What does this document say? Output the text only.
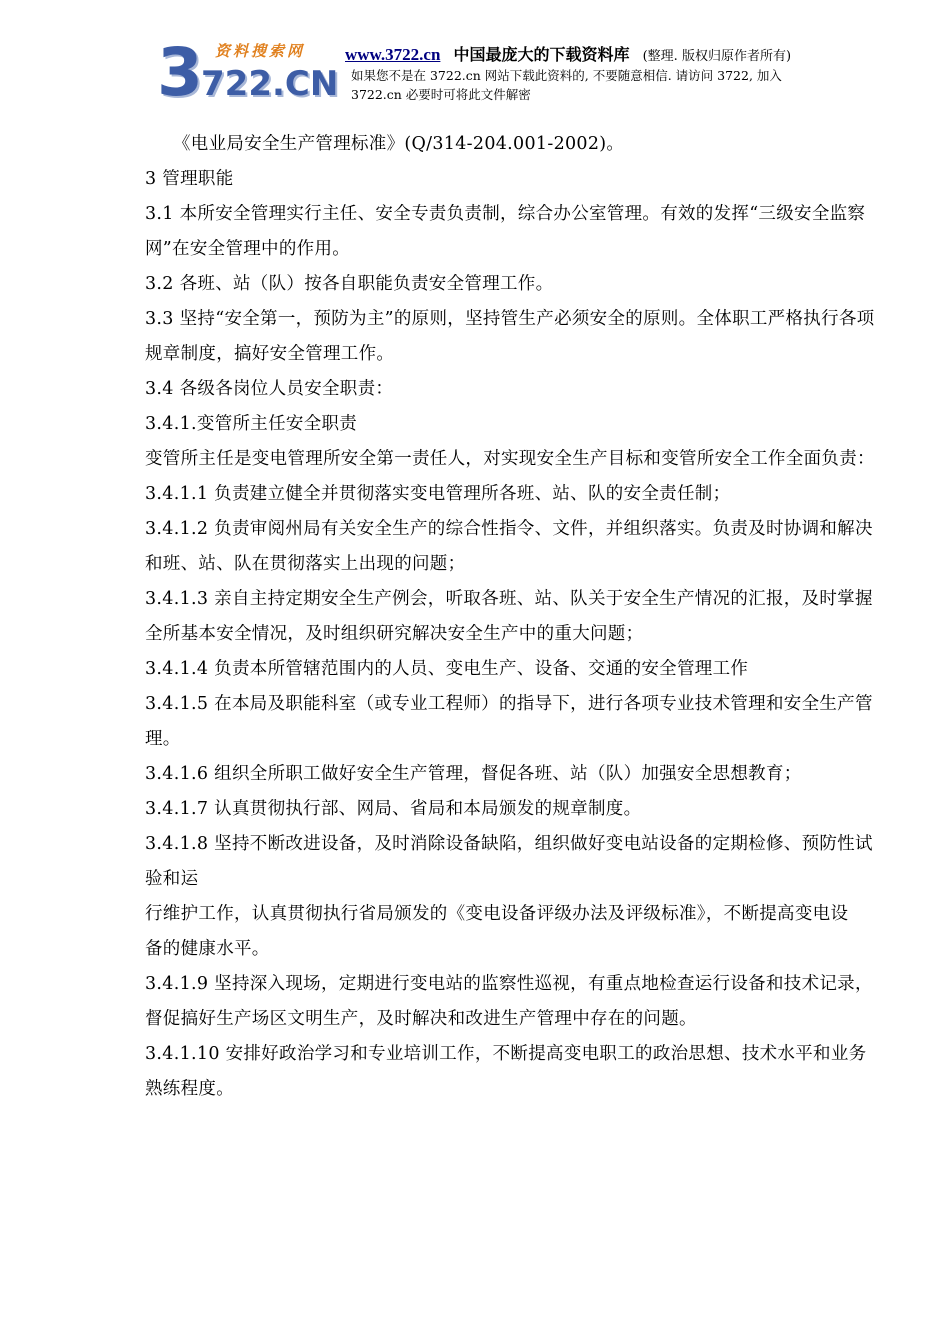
3 资料搜索网
722.CN
www.3722.cn 中国最庞大的下载资料库 (整理. 版权归原作者所有)
如果您不是在 3722.cn 网站下载此资料的, 不要随意相信. 请访问 3722, 加入
3722.cn 必要时可将此文件解密

《电业局安全生产管理标准》(Q/314-204.001-2002)。

3 管理职能

3.1 本所安全管理实行主任、安全专责负责制，综合办公室管理。有效的发挥“三级安全监察网”在安全管理中的作用。

3.2 各班、站（队）按各自职能负责安全管理工作。

3.3 坚持“安全第一，预防为主”的原则，坚持管生产必须安全的原则。全体职工严格执行各项规章制度，搞好安全管理工作。

3.4 各级各岗位人员安全职责：

3.4.1.变管所主任安全职责

变管所主任是变电管理所安全第一责任人，对实现安全生产目标和变管所安全工作全面负责：

3.4.1.1 负责建立健全并贯彻落实变电管理所各班、站、队的安全责任制；

3.4.1.2 负责审阅州局有关安全生产的综合性指令、文件，并组织落实。负责及时协调和解决和班、站、队在贯彻落实上出现的问题；

3.4.1.3 亲自主持定期安全生产例会，听取各班、站、队关于安全生产情况的汇报，及时掌握全所基本安全情况，及时组织研究解决安全生产中的重大问题；

3.4.1.4 负责本所管辖范围内的人员、变电生产、设备、交通的安全管理工作

3.4.1.5 在本局及职能科室（或专业工程师）的指导下，进行各项专业技术管理和安全生产管理。

3.4.1.6 组织全所职工做好安全生产管理，督促各班、站（队）加强安全思想教育；

3.4.1.7 认真贯彻执行部、网局、省局和本局颁发的规章制度。

3.4.1.8 坚持不断改进设备，及时消除设备缺陷，组织做好变电站设备的定期检修、预防性试验和运

行维护工作，认真贯彻执行省局颁发的《变电设备评级办法及评级标准》，不断提高变电设

备的健康水平。

3.4.1.9 坚持深入现场，定期进行变电站的监察性巡视，有重点地检查运行设备和技术记录，督促搞好生产场区文明生产，及时解决和改进生产管理中存在的问题。

3.4.1.10 安排好政治学习和专业培训工作，不断提高变电职工的政治思想、技术水平和业务熟练程度。
